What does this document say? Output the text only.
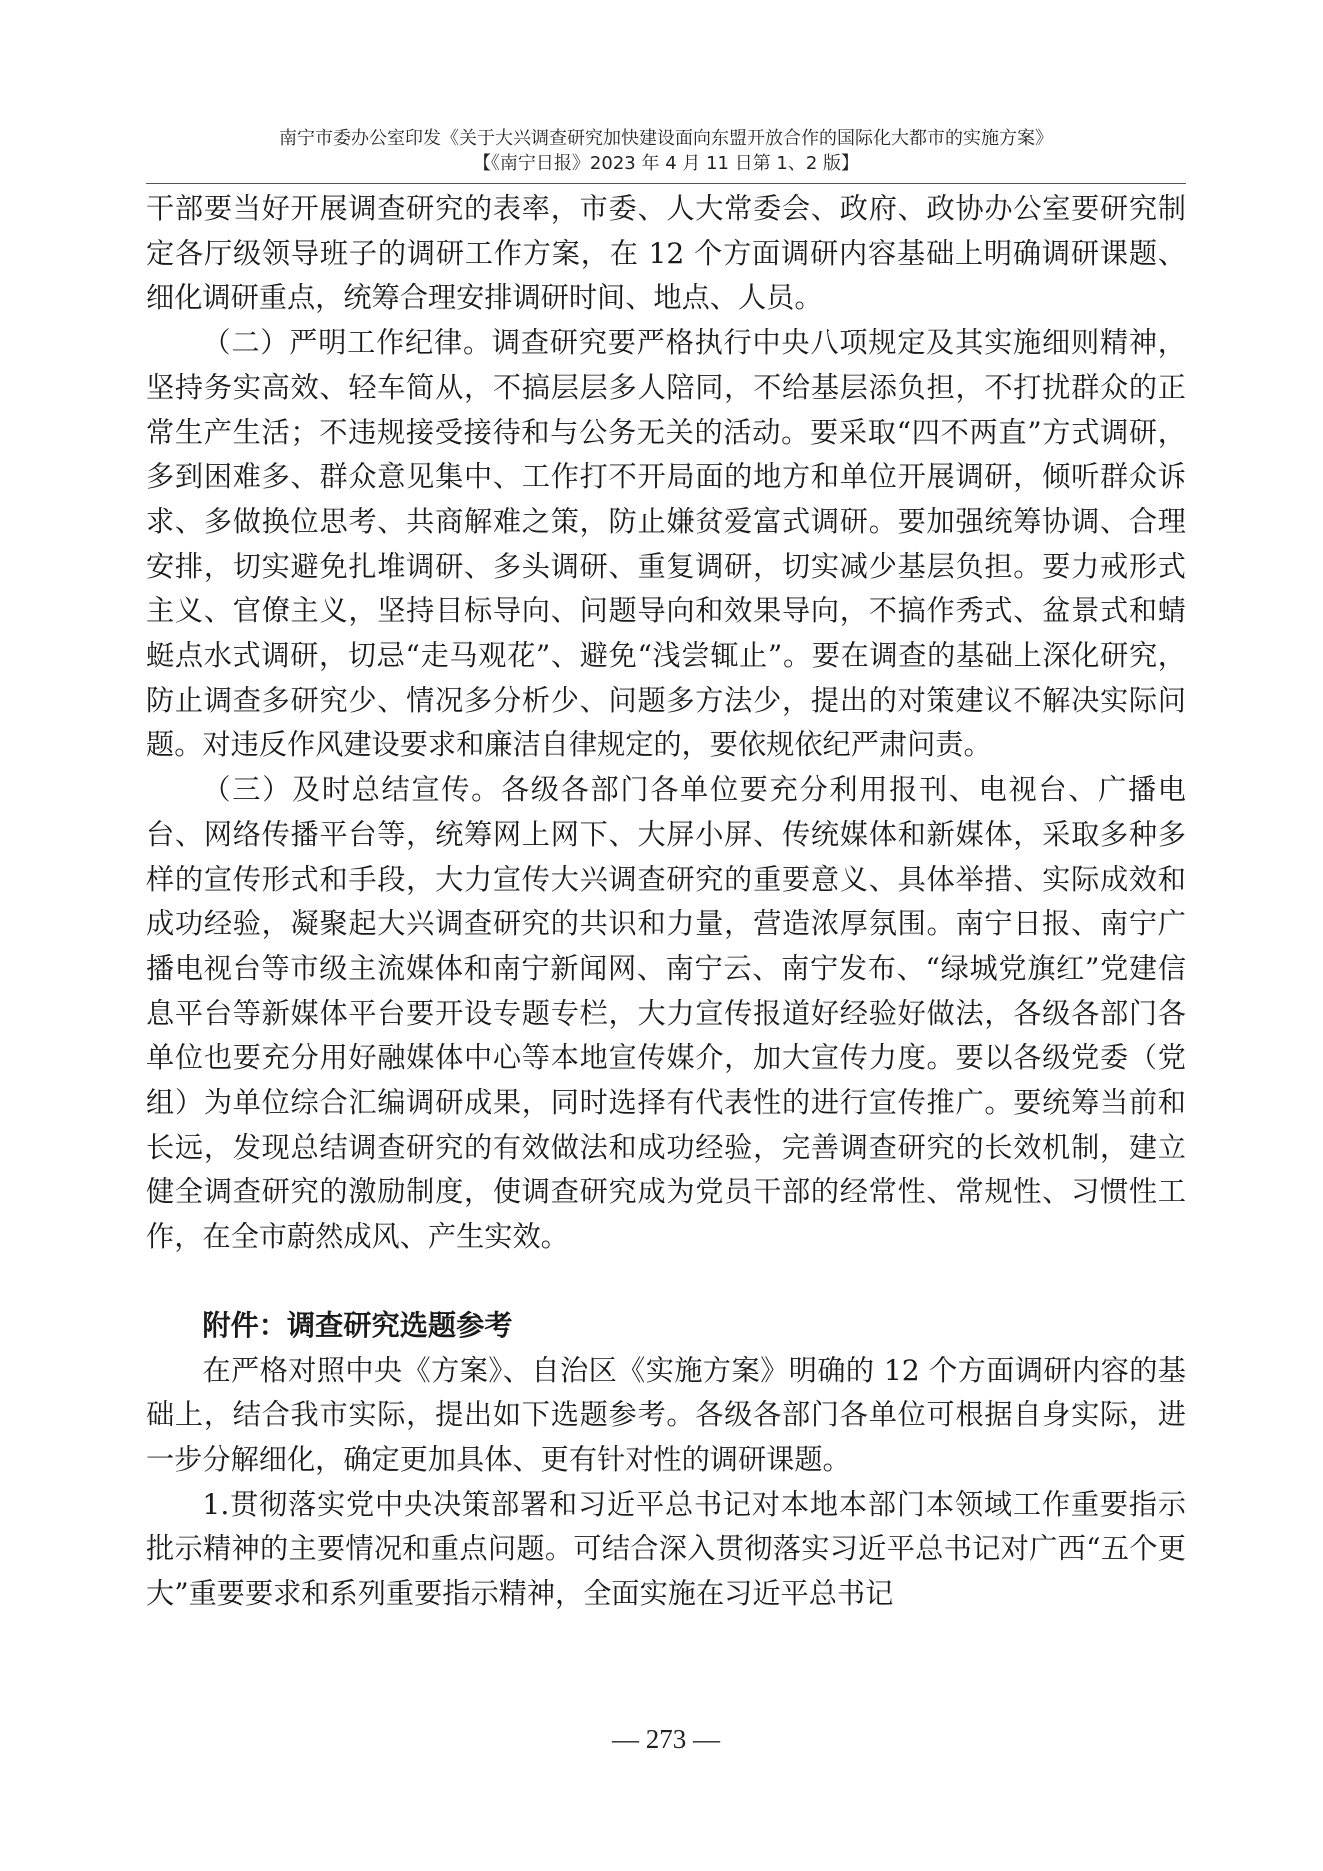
南宁市委办公室印发《关于大兴调查研究加快建设面向东盟开放合作的国际化大都市的实施方案》
【《南宁日报》2023 年 4 月 11 日第 1、2 版】

干部要当好开展调查研究的表率，市委、人大常委会、政府、政协办公室要研究制定各厅级领导班子的调研工作方案，在 12 个方面调研内容基础上明确调研课题、细化调研重点，统筹合理安排调研时间、地点、人员。

（二）严明工作纪律。调查研究要严格执行中央八项规定及其实施细则精神，坚持务实高效、轻车简从，不搞层层多人陪同，不给基层添负担，不打扰群众的正常生产生活；不违规接受接待和与公务无关的活动。要采取“四不两直”方式调研，多到困难多、群众意见集中、工作打不开局面的地方和单位开展调研，倾听群众诉求、多做换位思考、共商解难之策，防止嫌贫爱富式调研。要加强统筹协调、合理安排，切实避免扎堆调研、多头调研、重复调研，切实减少基层负担。要力戒形式主义、官僚主义，坚持目标导向、问题导向和效果导向，不搞作秀式、盆景式和蜻蜓点水式调研，切忌“走马观花”、避免“浅尝辄止”。要在调查的基础上深化研究，防止调查多研究少、情况多分析少、问题多方法少，提出的对策建议不解决实际问题。对违反作风建设要求和廉洁自律规定的，要依规依纪严肃问责。

（三）及时总结宣传。各级各部门各单位要充分利用报刊、电视台、广播电台、网络传播平台等，统筹网上网下、大屏小屏、传统媒体和新媒体，采取多种多样的宣传形式和手段，大力宣传大兴调查研究的重要意义、具体举措、实际成效和成功经验，凝聚起大兴调查研究的共识和力量，营造浓厚氛围。南宁日报、南宁广播电视台等市级主流媒体和南宁新闻网、南宁云、南宁发布、“绿城党旗红”党建信息平台等新媒体平台要开设专题专栏，大力宣传报道好经验好做法，各级各部门各单位也要充分用好融媒体中心等本地宣传媒介，加大宣传力度。要以各级党委（党组）为单位综合汇编调研成果，同时选择有代表性的进行宣传推广。要统筹当前和长远，发现总结调查研究的有效做法和成功经验，完善调查研究的长效机制，建立健全调查研究的激励制度，使调查研究成为党员干部的经常性、常规性、习惯性工作，在全市蔚然成风、产生实效。

附件：调查研究选题参考

在严格对照中央《方案》、自治区《实施方案》明确的 12 个方面调研内容的基础上，结合我市实际，提出如下选题参考。各级各部门各单位可根据自身实际，进一步分解细化，确定更加具体、更有针对性的调研课题。

1.贯彻落实党中央决策部署和习近平总书记对本地本部门本领域工作重要指示批示精神的主要情况和重点问题。可结合深入贯彻落实习近平总书记对广西“五个更大”重要要求和系列重要指示精神，全面实施在习近平总书记

— 273 —
